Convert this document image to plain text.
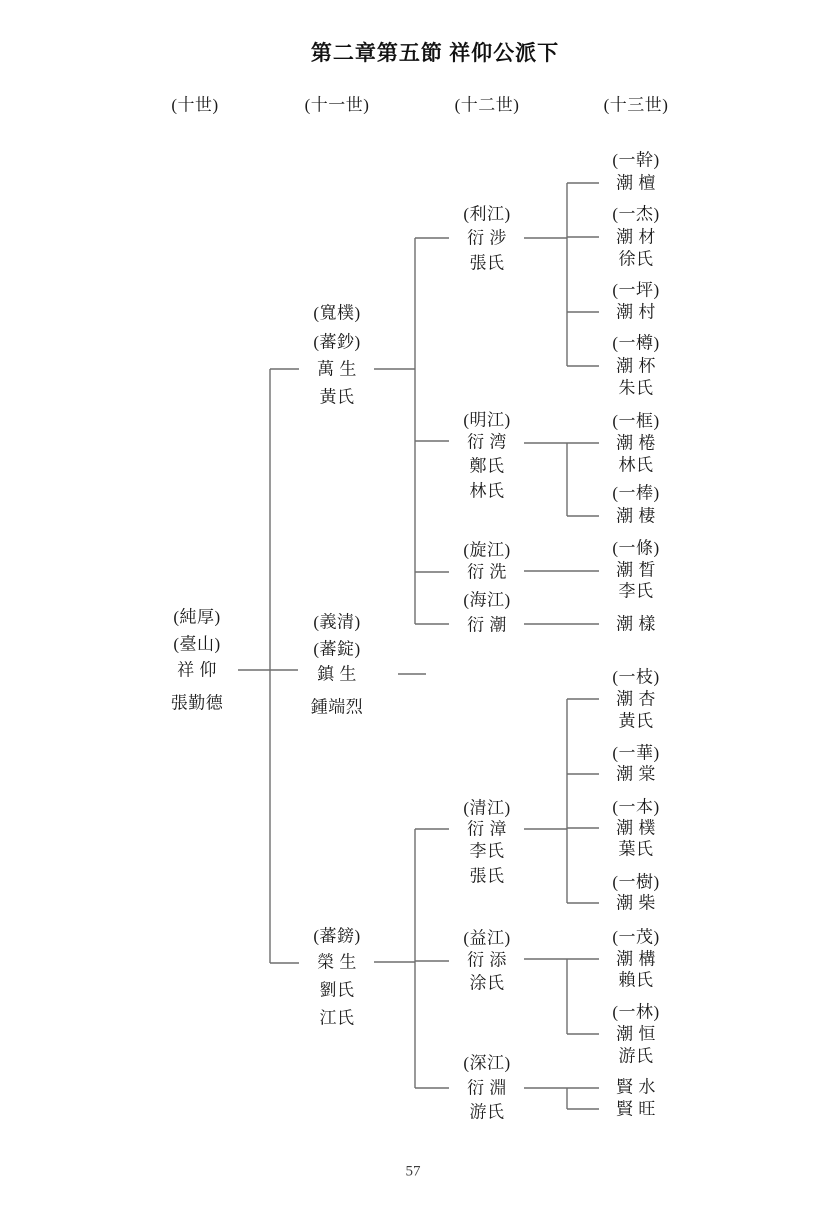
第二章第五節 祥仰公派下
(十世)	(十一世)	(十二世)	(十三世)
(純厚)
(臺山)
祥 仰
張勤德
(寬樸)
(蕃鈔)
萬 生
黃氏
(義清)
(蕃錠)
鎮 生
鍾端烈
(蕃鎊)
榮 生
劉氏
江氏
(利江)
衍 涉
張氏
(明江)
衍 湾
鄭氏
林氏
(旋江)
衍 洗
(海江)
衍 潮
(清江)
衍 漳
李氏
張氏
(益江)
衍 添
涂氏
(深江)
衍 淵
游氏
(一幹)
潮 檀
(一杰)
潮 材
徐氏
(一坪)
潮 村
(一樽)
潮 杯
朱氏
(一框)
潮 棬
林氏
(一棒)
潮 棲
(一條)
潮 晳
李氏
潮 樣
(一枝)
潮 杏
黃氏
(一華)
潮 棠
(一本)
潮 樸
葉氏
(一樹)
潮 柴
(一茂)
潮 構
賴氏
(一林)
潮 恒
游氏
賢 水
賢 旺
57
